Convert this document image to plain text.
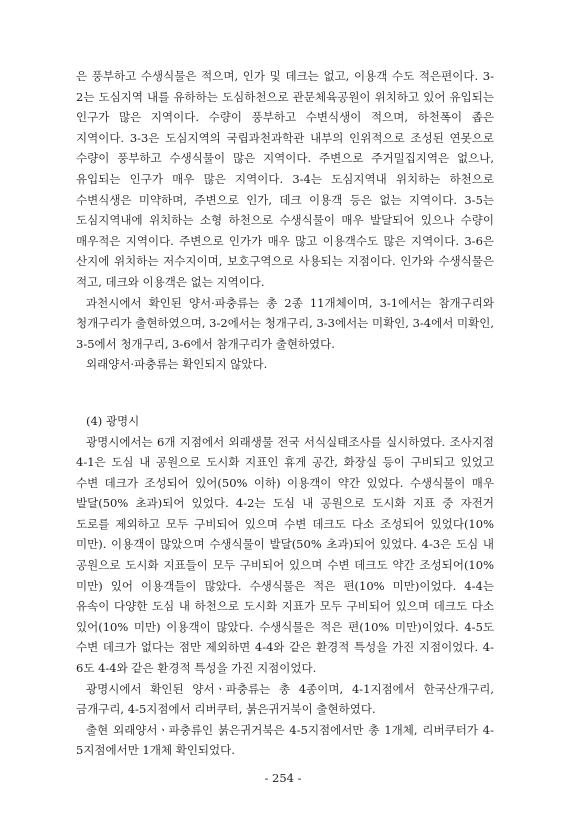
은 풍부하고 수생식물은 적으며, 인가 및 데크는 없고, 이용객 수도 적은편이다. 3-2는 도심지역 내를 유하하는 도심하천으로 관문체육공원이 위치하고 있어 유입되는 인구가 많은 지역이다. 수량이 풍부하고 수변식생이 적으며, 하천폭이 좁은 지역이다. 3-3은 도심지역의 국립과천과학관 내부의 인위적으로 조성된 연못으로 수량이 풍부하고 수생식물이 많은 지역이다. 주변으로 주거밀집지역은 없으나, 유입되는 인구가 매우 많은 지역이다. 3-4는 도심지역내 위치하는 하천으로 수변식생은 미약하며, 주변으로 인가, 데크 이용객 등은 없는 지역이다. 3-5는 도심지역내에 위치하는 소형 하천으로 수생식물이 매우 발달되어 있으나 수량이 매우적은 지역이다. 주변으로 인가가 매우 많고 이용객수도 많은 지역이다. 3-6은 산지에 위치하는 저수지이며, 보호구역으로 사용되는 지점이다. 인가와 수생식물은 적고, 데크와 이용객은 없는 지역이다.

과천시에서 확인된 양서·파충류는 총 2종 11개체이며, 3-1에서는 참개구리와 청개구리가 출현하였으며, 3-2에서는 청개구리, 3-3에서는 미확인, 3-4에서 미확인, 3-5에서 청개구리, 3-6에서 참개구리가 출현하였다.

외래양서·파충류는 확인되지 않았다.

(4) 광명시

광명시에서는 6개 지점에서 외래생물 전국 서식실태조사를 실시하였다. 조사지점 4-1은 도심 내 공원으로 도시화 지표인 휴게 공간, 화장실 등이 구비되고 있었고 수변 데크가 조성되어 있어(50% 이하) 이용객이 약간 있었다. 수생식물이 매우 발달(50% 초과)되어 있었다. 4-2는 도심 내 공원으로 도시화 지표 중 자전거 도로를 제외하고 모두 구비되어 있으며 수변 데크도 다소 조성되어 있었다(10% 미만). 이용객이 많았으며 수생식물이 발달(50% 초과)되어 있었다. 4-3은 도심 내 공원으로 도시화 지표들이 모두 구비되어 있으며 수변 데크도 약간 조성되어(10% 미만) 있어 이용객들이 많았다. 수생식물은 적은 편(10% 미만)이었다. 4-4는 유속이 다양한 도심 내 하천으로 도시화 지표가 모두 구비되어 있으며 데크도 다소 있어(10% 미만) 이용객이 많았다. 수생식물은 적은 편(10% 미만)이었다. 4-5도 수변 데크가 없다는 점만 제외하면 4-4와 같은 환경적 특성을 가진 지점이었다. 4-6도 4-4와 같은 환경적 특성을 가진 지점이었다.

광명시에서 확인된 양서ㆍ파충류는 총 4종이며, 4-1지점에서 한국산개구리, 금개구리, 4-5지점에서 리버쿠터, 붉은귀거북이 출현하였다.

출현 외래양서ㆍ파충류인 붉은귀거북은 4-5지점에서만 총 1개체, 리버쿠터가 4-5지점에서만 1개체 확인되었다.

- 254 -
